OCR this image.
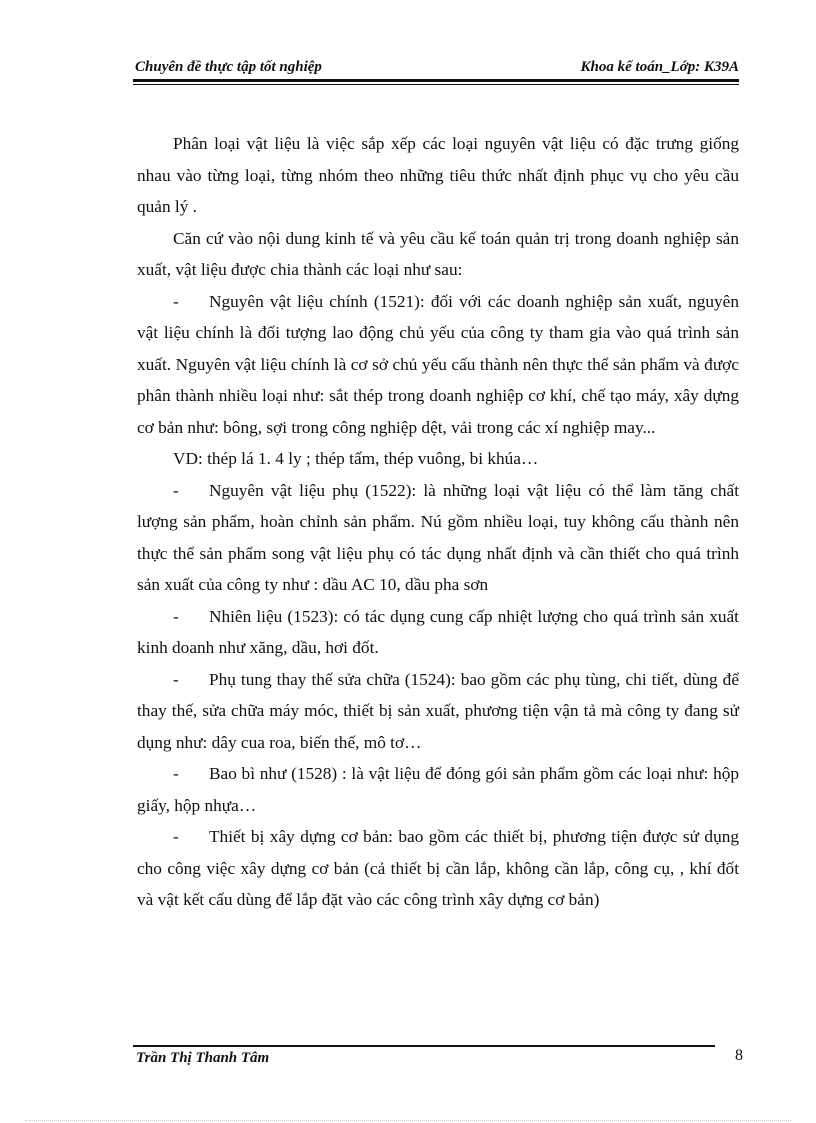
Chuyên đề thực tập tốt nghiệp	Khoa kế toán_Lớp: K39A

Phân loại vật liệu là việc sắp xếp các loại nguyên vật liệu có đặc trưng giống nhau vào từng loại, từng nhóm theo những tiêu thức nhất định phục vụ cho yêu cầu quản lý .

Căn cứ vào nội dung kinh tế và yêu cầu kế toán quản trị trong doanh nghiệp sản xuất, vật liệu được chia thành các loại như sau:

- Nguyên vật liệu chính (1521): đối với các doanh nghiệp sản xuất, nguyên vật liệu chính là đối tượng lao động chủ yếu của công ty tham gia vào quá trình sản xuất. Nguyên vật liệu chính là cơ sở chủ yếu cấu thành nên thực thể sản phẩm và được phân thành nhiều loại như: sắt thép trong doanh nghiệp cơ khí, chế tạo máy, xây dựng cơ bản như: bông, sợi trong công nghiệp dệt, vải trong các xí nghiệp may...

VD: thép lá 1. 4 ly ; thép tấm, thép vuông, bi khúa…

- Nguyên vật liệu phụ (1522): là những loại vật liệu có thể làm tăng chất lượng sản phẩm, hoàn chỉnh sản phẩm. Nú gồm nhiều loại, tuy không cấu thành nên thực thể sản phẩm song vật liệu phụ có tác dụng nhất định và cần thiết cho quá trình sản xuất của công ty như : dầu AC 10, dầu pha sơn

- Nhiên liệu (1523): có tác dụng cung cấp nhiệt lượng cho quá trình sản xuất kinh doanh như xăng, dầu, hơi đốt.

- Phụ tung thay thế sửa chữa (1524): bao gồm các phụ tùng, chi tiết, dùng để thay thế, sửa chữa máy móc, thiết bị sản xuất, phương tiện vận tả mà công ty đang sử dụng như: dây cua roa, biến thế, mô tơ…

- Bao bì như (1528) : là vật liệu để đóng gói sản phẩm gồm các loại như: hộp giấy, hộp nhựa…

- Thiết bị xây dựng cơ bản: bao gồm các thiết bị, phương tiện được sử dụng cho công việc xây dựng cơ bản (cả thiết bị cần lắp, không cần lắp, công cụ, , khí đốt và vật kết cấu dùng để lắp đặt vào các công trình xây dựng cơ bản)

Trần Thị Thanh Tâm	8
